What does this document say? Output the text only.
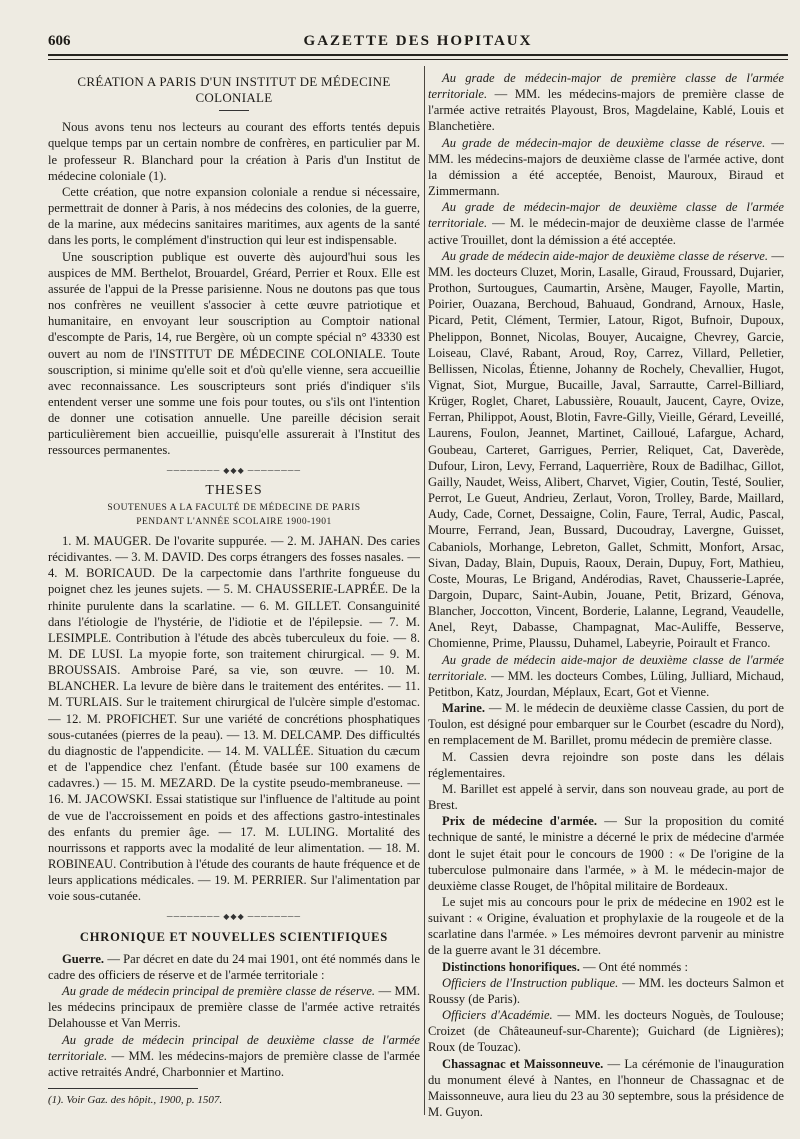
606	GAZETTE DES HOPITAUX
CRÉATION A PARIS D'UN INSTITUT DE MÉDECINE COLONIALE

Nous avons tenu nos lecteurs au courant des efforts tentés depuis quelque temps par un certain nombre de confrères, en particulier par M. le professeur R. Blanchard pour la création à Paris d'un Institut de médecine coloniale (1).

Cette création, que notre expansion coloniale a rendue si nécessaire, permettrait de donner à Paris, à nos médecins des colonies, de la guerre, de la marine, aux médecins sanitaires maritimes, aux agents de la santé dans les ports, le complément d'instruction qui leur est indispensable.

Une souscription publique est ouverte dès aujourd'hui sous les auspices de MM. Berthelot, Brouardel, Gréard, Perrier et Roux. Elle est assurée de l'appui de la Presse parisienne. Nous ne doutons pas que tous nos confrères ne veuillent s'associer à cette œuvre patriotique et humanitaire, en envoyant leur souscription au Comptoir national d'escompte de Paris, 14, rue Bergère, où un compte spécial n° 43330 est ouvert au nom de l'INSTITUT DE MÉDECINE COLONIALE. Toute souscription, si minime qu'elle soit et d'où qu'elle vienne, sera accueillie avec reconnaissance. Les souscripteurs sont priés d'indiquer s'ils entendent verser une somme une fois pour toutes, ou s'ils ont l'intention de donner une cotisation annuelle. Une pareille décision serait particulièrement bien accueillie, puisqu'elle assurerait à l'Institut des ressources permanentes.

──────── ◆◆◆ ────────
THESES
SOUTENUES A LA FACULTÉ DE MÉDECINE DE PARIS
PENDANT L'ANNÉE SCOLAIRE 1900-1901

1. M. MAUGER. De l'ovarite suppurée. — 2. M. JAHAN. Des caries récidivantes. — 3. M. DAVID. Des corps étrangers des fosses nasales. — 4. M. BORICAUD. De la carpectomie dans l'arthrite fongueuse du poignet chez les jeunes sujets. — 5. M. CHAUSSERIE-LAPRÉE. De la rhinite purulente dans la scarlatine. — 6. M. GILLET. Consanguinité dans l'étiologie de l'hystérie, de l'idiotie et de l'épilepsie. — 7. M. LESIMPLE. Contribution à l'étude des abcès tuberculeux du foie. — 8. M. DE LUSI. La myopie forte, son traitement chirurgical. — 9. M. BROUSSAIS. Ambroise Paré, sa vie, son œuvre. — 10. M. BLANCHER. La levure de bière dans le traitement des entérites. — 11. M. TURLAIS. Sur le traitement chirurgical de l'ulcère simple d'estomac. — 12. M. PROFICHET. Sur une variété de concrétions phosphatiques sous-cutanées (pierres de la peau). — 13. M. DELCAMP. Des difficultés du diagnostic de l'appendicite. — 14. M. VALLÉE. Situation du cæcum et de l'appendice chez l'enfant. (Étude basée sur 100 examens de cadavres.) — 15. M. MEZARD. De la cystite pseudo-membraneuse. — 16. M. JACOWSKI. Essai statistique sur l'influence de l'altitude au point de vue de l'accroissement en poids et des affections gastro-intestinales des enfants du premier âge. — 17. M. LULING. Mortalité des nourrissons et rapports avec la modalité de leur alimentation. — 18. M. ROBINEAU. Contribution à l'étude des courants de haute fréquence et de leurs applications médicales. — 19. M. PERRIER. Sur l'alimentation par voie sous-cutanée.

──────── ◆◆◆ ────────
CHRONIQUE ET NOUVELLES SCIENTIFIQUES

Guerre. — Par décret en date du 24 mai 1901, ont été nommés dans le cadre des officiers de réserve et de l'armée territoriale :

Au grade de médecin principal de première classe de réserve. — MM. les médecins principaux de première classe de l'armée active retraités Delahousse et Van Merris.

Au grade de médecin principal de deuxième classe de l'armée territoriale. — MM. les médecins-majors de première classe de l'armée active retraités André, Charbonnier et Martino.

(1). Voir Gaz. des hôpit., 1900, p. 1507.

Au grade de médecin-major de première classe de l'armée territoriale. — MM. les médecins-majors de première classe de l'armée active retraités Playoust, Bros, Magdelaine, Kablé, Louis et Blanchetière.

Au grade de médecin-major de deuxième classe de réserve. — MM. les médecins-majors de deuxième classe de l'armée active, dont la démission a été acceptée, Benoist, Mauroux, Biraud et Zimmermann.

Au grade de médecin-major de deuxième classe de l'armée territoriale. — M. le médecin-major de deuxième classe de l'armée active Trouillet, dont la démission a été acceptée.

Au grade de médecin aide-major de deuxième classe de réserve. — MM. les docteurs Cluzet, Morin, Lasalle, Giraud, Froussard, Dujarier, Prothon, Surtougues, Caumartin, Arsène, Mauger, Fayolle, Martin, Poirier, Ouazana, Berchoud, Bahuaud, Gondrand, Arnoux, Hasle, Picard, Petit, Clément, Termier, Latour, Rigot, Bufnoir, Dupoux, Phelippon, Bonnet, Nicolas, Bouyer, Aucaigne, Chevrey, Garcie, Loiseau, Clavé, Rabant, Aroud, Roy, Carrez, Villard, Pelletier, Bellissen, Nicolas, Étienne, Johanny de Rochely, Chevallier, Hugot, Vignat, Siot, Murgue, Bucaille, Javal, Sarrautte, Carrel-Billiard, Krüger, Roglet, Charet, Labussière, Rouault, Jaucent, Cayre, Ovize, Ferran, Philippot, Aoust, Blotin, Favre-Gilly, Vieille, Gérard, Leveillé, Laurens, Foulon, Jeannet, Martinet, Cailloué, Lafargue, Achard, Goubeau, Carteret, Garrigues, Perrier, Reliquet, Cat, Daverède, Dufour, Liron, Levy, Ferrand, Laquerrière, Roux de Badilhac, Gillot, Gailly, Naudet, Weiss, Alibert, Charvet, Vigier, Coutin, Testé, Soulier, Perrot, Le Gueut, Andrieu, Zerlaut, Voron, Trolley, Barde, Maillard, Audy, Cade, Cornet, Dessaigne, Colin, Faure, Terral, Audic, Pascal, Mourre, Ferrand, Jean, Bussard, Ducoudray, Lavergne, Guisset, Cabaniols, Morhange, Lebreton, Gallet, Schmitt, Monfort, Arsac, Sivan, Daday, Blain, Dupuis, Raoux, Derain, Dupuy, Fort, Mathieu, Coste, Mouras, Le Brigand, Andérodias, Ravet, Chausserie-Laprée, Dargoin, Duparc, Saint-Aubin, Jouane, Petit, Brizard, Génova, Blancher, Joccotton, Vincent, Borderie, Lalanne, Legrand, Veaudelle, Anel, Reyt, Dabasse, Champagnat, Mac-Auliffe, Besserve, Chomienne, Prime, Plaussu, Duhamel, Labeyrie, Poirault et Franco.

Au grade de médecin aide-major de deuxième classe de l'armée territoriale. — MM. les docteurs Combes, Lüling, Julliard, Michaud, Petitbon, Katz, Jourdan, Méplaux, Ecart, Got et Vienne.

Marine. — M. le médecin de deuxième classe Cassien, du port de Toulon, est désigné pour embarquer sur le Courbet (escadre du Nord), en remplacement de M. Barillet, promu médecin de première classe.

M. Cassien devra rejoindre son poste dans les délais réglementaires.

M. Barillet est appelé à servir, dans son nouveau grade, au port de Brest.

Prix de médecine d'armée. — Sur la proposition du comité technique de santé, le ministre a décerné le prix de médecine d'armée dont le sujet était pour le concours de 1900 : « De l'origine de la tuberculose pulmonaire dans l'armée, » à M. le médecin-major de deuxième classe Rouget, de l'hôpital militaire de Bordeaux.

Le sujet mis au concours pour le prix de médecine en 1902 est le suivant : « Origine, évaluation et prophylaxie de la rougeole et de la scarlatine dans l'armée. » Les mémoires devront parvenir au ministre de la guerre avant le 31 décembre.

Distinctions honorifiques. — Ont été nommés :

Officiers de l'Instruction publique. — MM. les docteurs Salmon et Roussy (de Paris).

Officiers d'Académie. — MM. les docteurs Noguès, de Toulouse; Croizet (de Châteauneuf-sur-Charente); Guichard (de Lignières); Roux (de Touzac).

Chassagnac et Maissonneuve. — La cérémonie de l'inauguration du monument élevé à Nantes, en l'honneur de Chassagnac et de Maissonneuve, aura lieu du 23 au 30 septembre, sous la présidence de M. Guyon.
